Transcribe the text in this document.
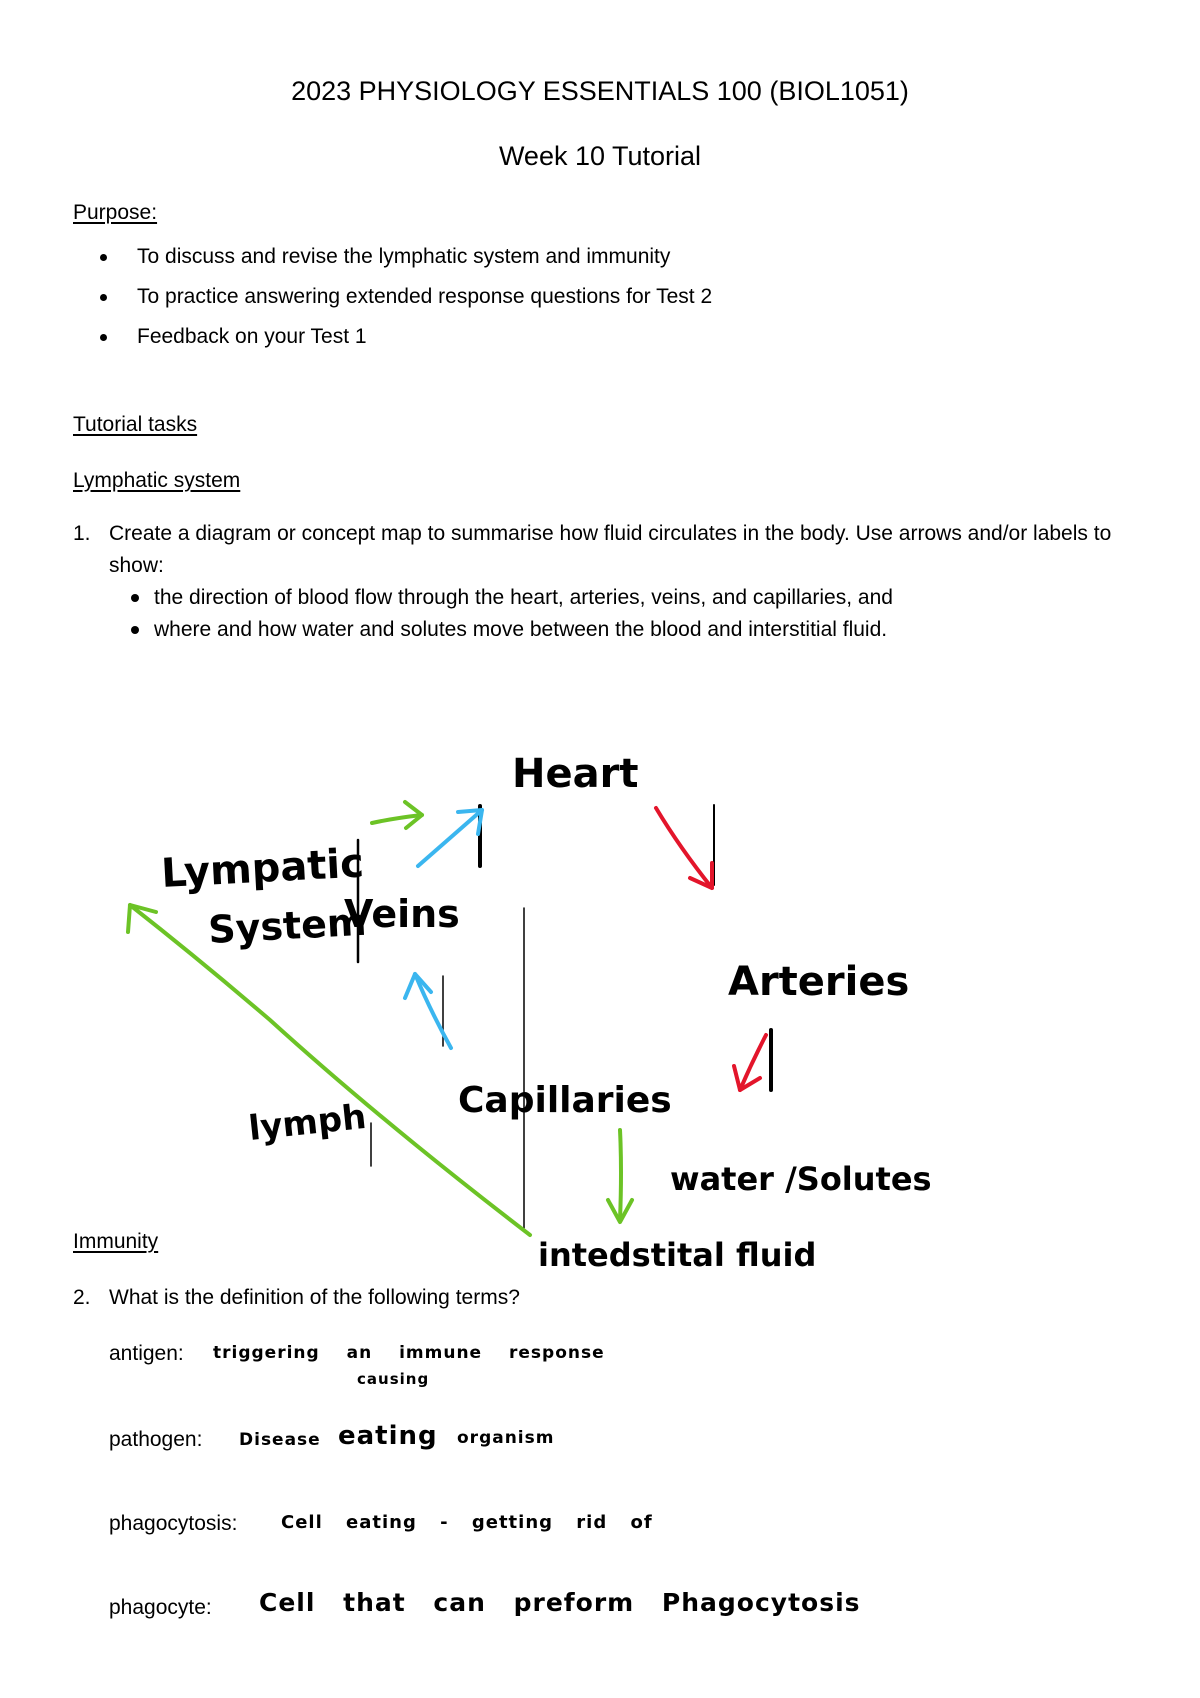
2023 PHYSIOLOGY ESSENTIALS 100 (BIOL1051)
Week 10 Tutorial
Purpose:
To discuss and revise the lymphatic system and immunity
To practice answering extended response questions for Test 2
Feedback on your Test 1
Tutorial tasks
Lymphatic system
1. Create a diagram or concept map to summarise how fluid circulates in the body. Use arrows and/or labels to show:
the direction of blood flow through the heart, arteries, veins, and capillaries, and
where and how water and solutes move between the blood and interstitial fluid.
Heart
Lympatic
System
Veins
Arteries
Capillaries
lymph
water /Solutes
intedstital fluid
Immunity
2. What is the definition of the following terms?
antigen: triggering an immune response
causing
pathogen: Disease eating organism
phagocytosis: Cell eating - getting rid of
phagocyte: Cell that can preform Phagocytosis
